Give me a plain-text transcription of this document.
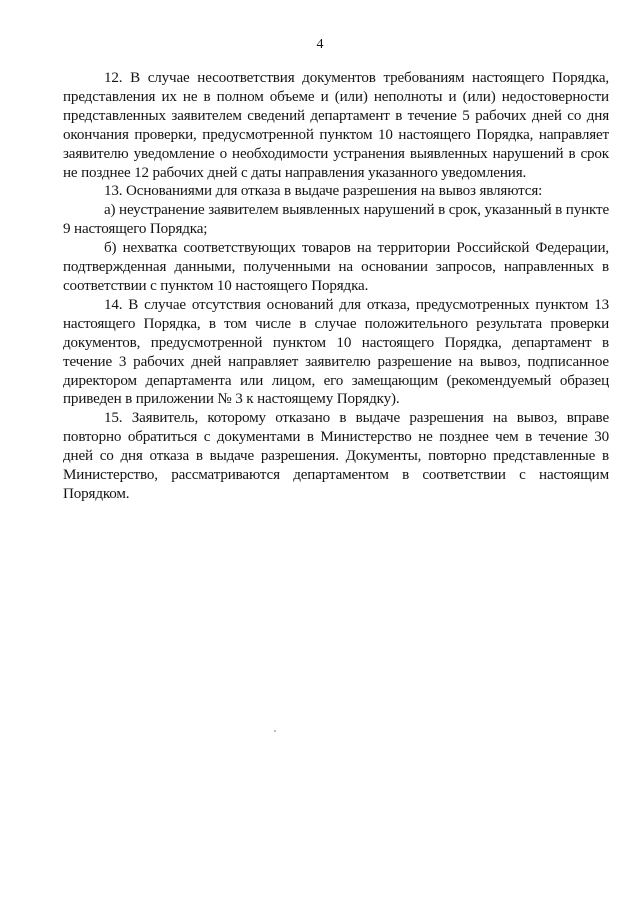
4

12. В случае несоответствия документов требованиям настоящего Порядка, представления их не в полном объеме и (или) неполноты и (или) недостоверности представленных заявителем сведений департамент в течение 5 рабочих дней со дня окончания проверки, предусмотренной пунктом 10 настоящего Порядка, направляет заявителю уведомление о необходимости устранения выявленных нарушений в срок не позднее 12 рабочих дней с даты направления указанного уведомления.

13. Основаниями для отказа в выдаче разрешения на вывоз являются:

а) неустранение заявителем выявленных нарушений в срок, указанный в пункте 9 настоящего Порядка;

б) нехватка соответствующих товаров на территории Российской Федерации, подтвержденная данными, полученными на основании запросов, направленных в соответствии с пунктом 10 настоящего Порядка.

14. В случае отсутствия оснований для отказа, предусмотренных пунктом 13 настоящего Порядка, в том числе в случае положительного результата проверки документов, предусмотренной пунктом 10 настоящего Порядка, департамент в течение 3 рабочих дней направляет заявителю разрешение на вывоз, подписанное директором департамента или лицом, его замещающим (рекомендуемый образец приведен в приложении № 3 к настоящему Порядку).

15. Заявитель, которому отказано в выдаче разрешения на вывоз, вправе повторно обратиться с документами в Министерство не позднее чем в течение 30 дней со дня отказа в выдаче разрешения. Документы, повторно представленные в Министерство, рассматриваются департаментом в соответствии с настоящим Порядком.
